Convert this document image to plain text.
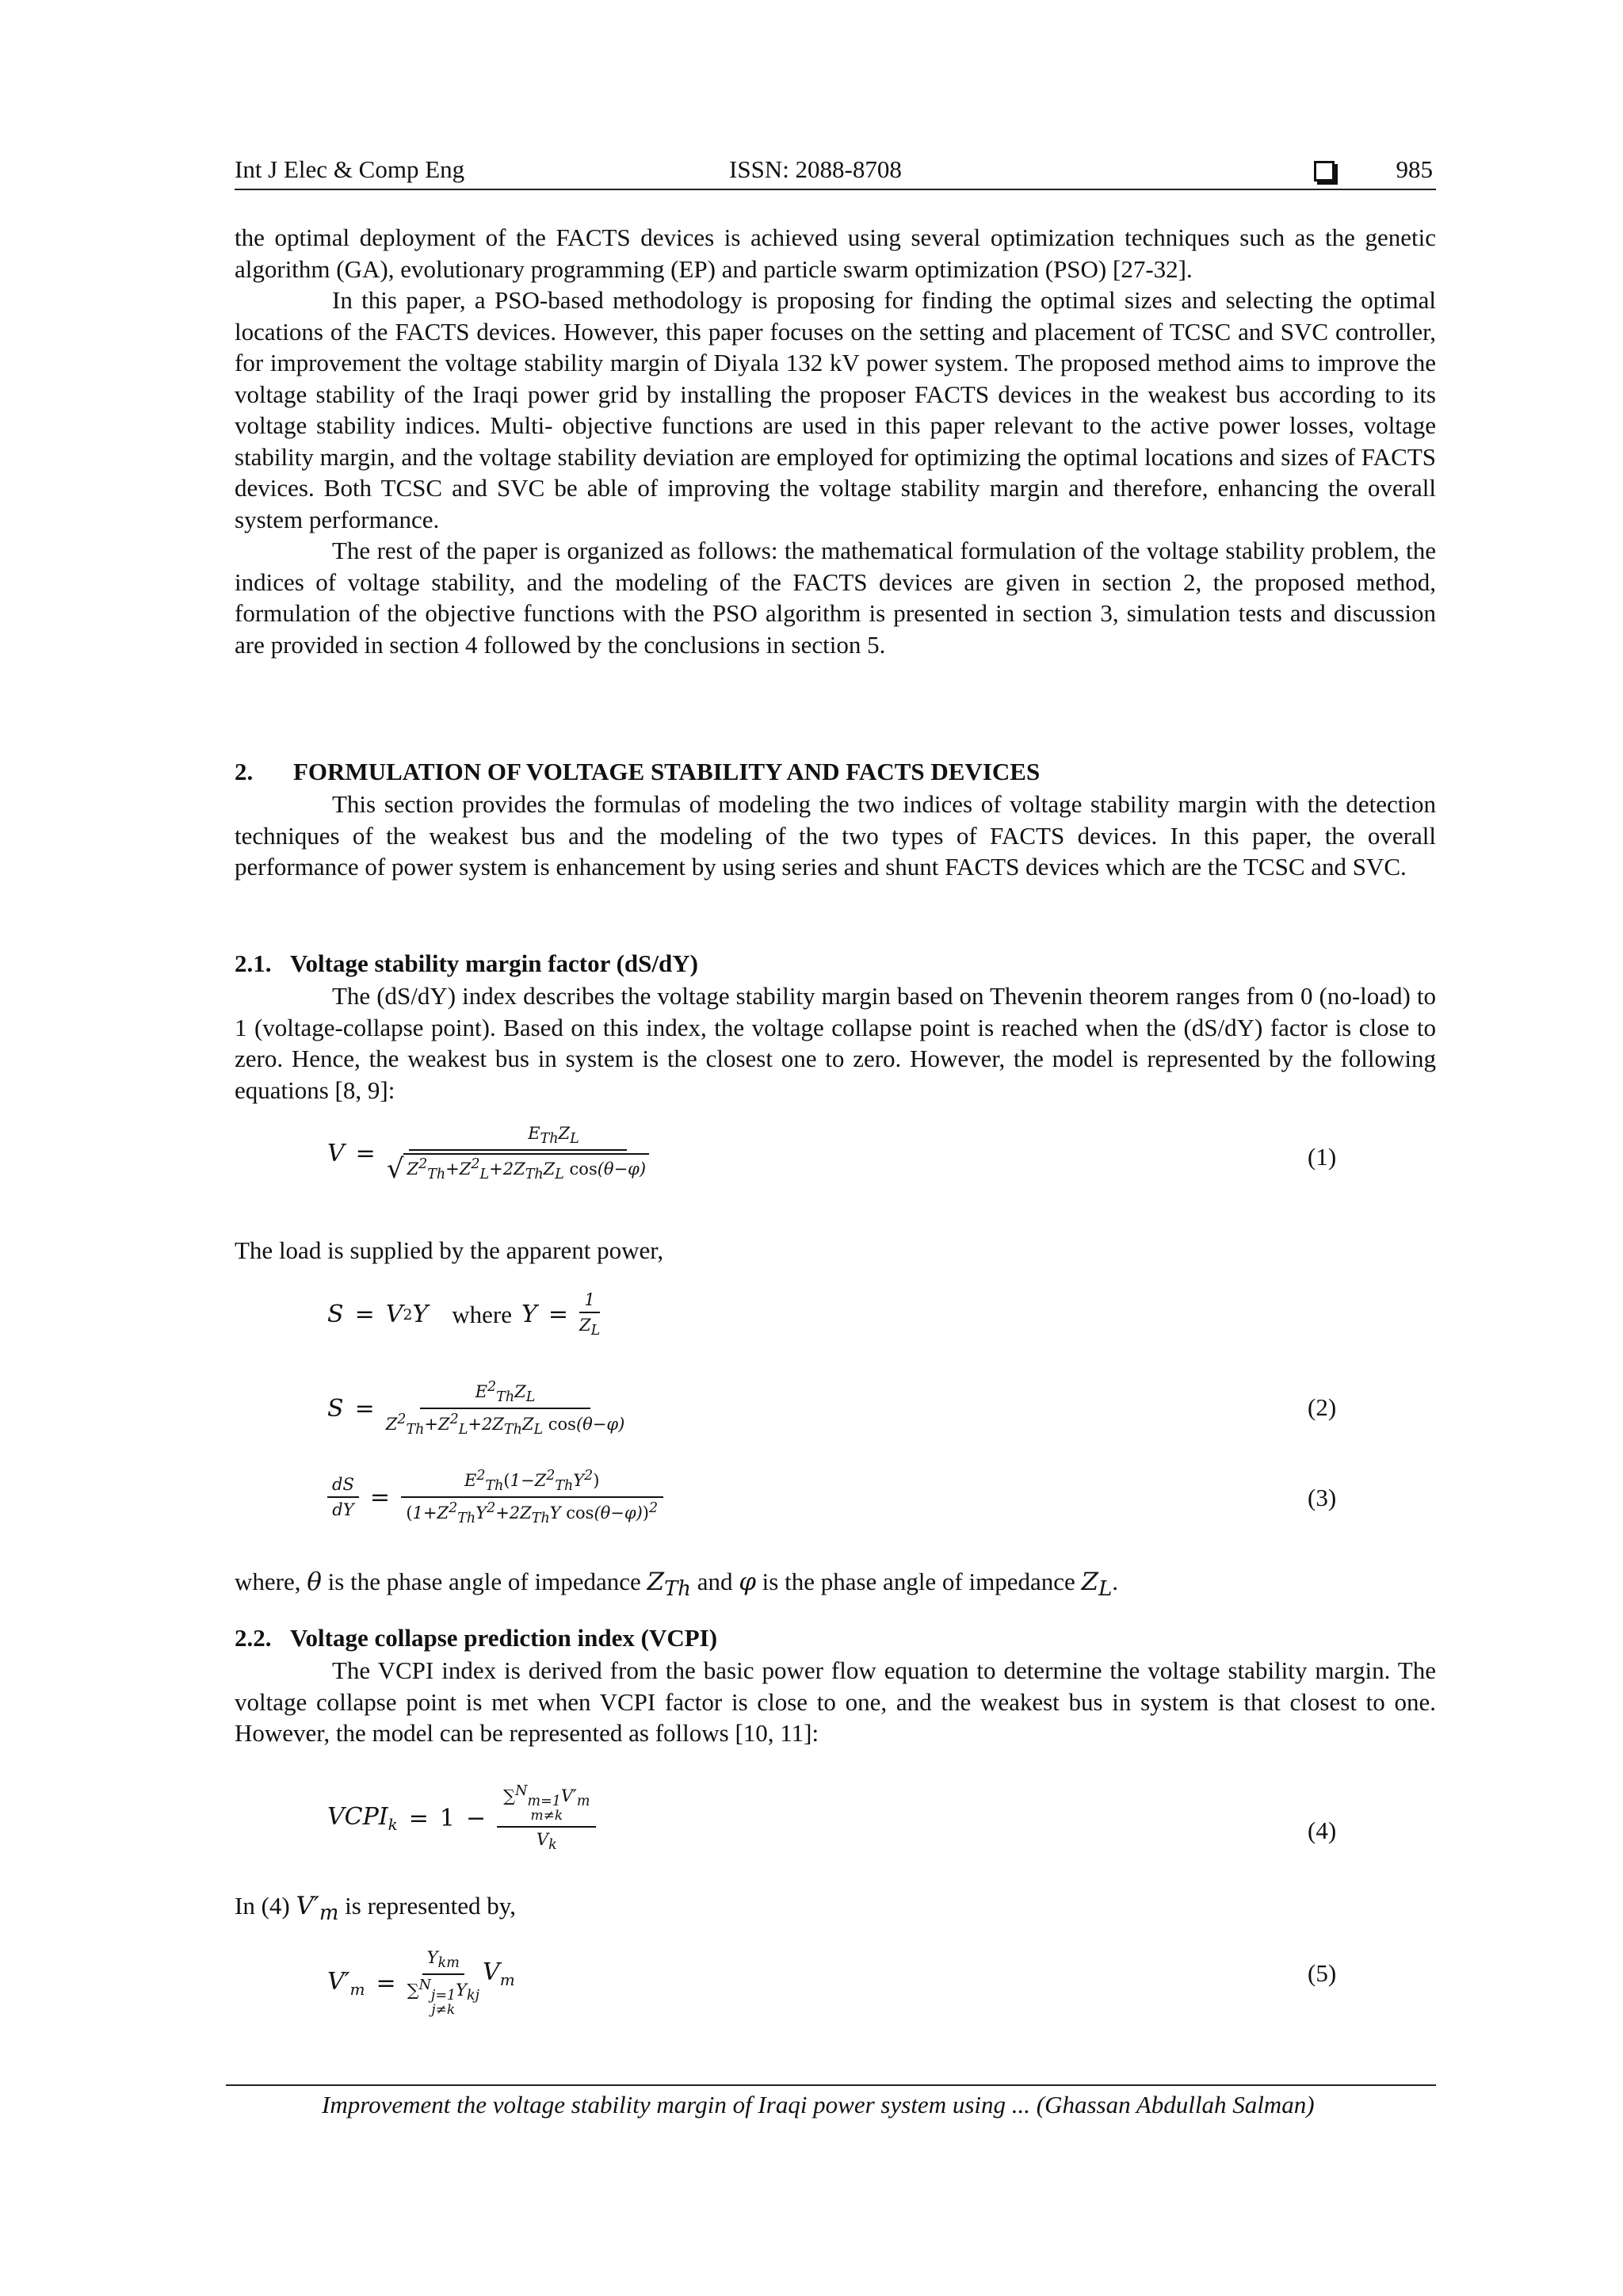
Int J Elec & Comp Eng	ISSN: 2088-8708	985

the optimal deployment of the FACTS devices is achieved using several optimization techniques such as the genetic algorithm (GA), evolutionary programming (EP) and particle swarm optimization (PSO) [27-32].

In this paper, a PSO-based methodology is proposing for finding the optimal sizes and selecting the optimal locations of the FACTS devices. However, this paper focuses on the setting and placement of TCSC and SVC controller, for improvement the voltage stability margin of Diyala 132 kV power system. The proposed method aims to improve the voltage stability of the Iraqi power grid by installing the proposer FACTS devices in the weakest bus according to its voltage stability indices. Multi- objective functions are used in this paper relevant to the active power losses, voltage stability margin, and the voltage stability deviation are employed for optimizing the optimal locations and sizes of FACTS devices. Both TCSC and SVC be able of improving the voltage stability margin and therefore, enhancing the overall system performance.

The rest of the paper is organized as follows: the mathematical formulation of the voltage stability problem, the indices of voltage stability, and the modeling of the FACTS devices are given in section 2, the proposed method, formulation of the objective functions with the PSO algorithm is presented in section 3, simulation tests and discussion are provided in section 4 followed by the conclusions in section 5.

2. FORMULATION OF VOLTAGE STABILITY AND FACTS DEVICES

This section provides the formulas of modeling the two indices of voltage stability margin with the detection techniques of the weakest bus and the modeling of the two types of FACTS devices. In this paper, the overall performance of power system is enhancement by using series and shunt FACTS devices which are the TCSC and SVC.

2.1. Voltage stability margin factor (dS/dY)

The (dS/dY) index describes the voltage stability margin based on Thevenin theorem ranges from 0 (no-load) to 1 (voltage-collapse point). Based on this index, the voltage collapse point is reached when the (dS/dY) factor is close to zero. Hence, the weakest bus in system is the closest one to zero. However, the model is represented by the following equations [8, 9]:

$V = \frac{E_{Th}Z_L}{√ Z^2_{Th}+Z^2_L+2Z_{Th}Z_L \cos(\theta-\varphi)}$	(1)
The load is supplied by the apparent power,
S = V 2 Y where $Y = \frac{1}{Z_L}$
$S = \frac{E^2_{Th}Z_L}{Z^2_{Th}+Z^2_L+2Z_{Th}Z_L \cos(\theta-\varphi)}$	(2)
$\frac{dS}{dY} = \frac{E^2_{Th}(1-Z^2_{Th}Y^2)}{(1+Z^2_{Th}Y^2+2Z_{Th}Y \cos(\theta-\varphi))^2}$	(3)
where, θ is the phase angle of impedance $Z_{Th}$ and φ is the phase angle of impedance $Z_L$.
2.2. Voltage collapse prediction index (VCPI)

The VCPI index is derived from the basic power flow equation to determine the voltage stability margin. The voltage collapse point is met when VCPI factor is close to one, and the weakest bus in system is that closest to one. However, the model can be represented as follows [10, 11]:

$VCPI_k = 1 - \sum^N_{m=1}V'_m$
m≠k
$V_k$	(4)
In (4) $V'_m$ is represented by,
$V'_m = Y_{km}$
$\sum^N_{j=1}Y_{kj}$
j≠k $V_m$	(5)
Improvement the voltage stability margin of Iraqi power system using ... (Ghassan Abdullah Salman)
